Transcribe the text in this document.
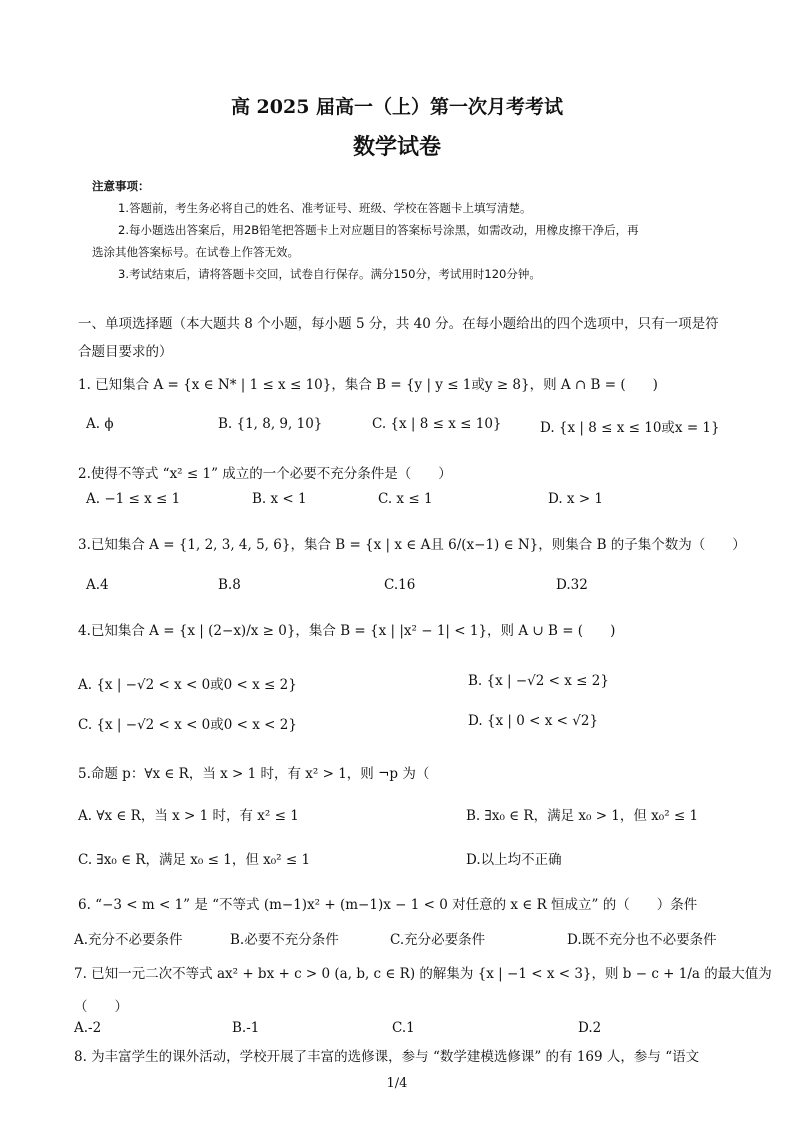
高 2025 届高一（上）第一次月考考试
数学试卷
注意事项：
1.答题前，考生务必将自己的姓名、准考证号、班级、学校在答题卡上填写清楚。
2.每小题选出答案后，用2B铅笔把答题卡上对应题目的答案标号涂黑，如需改动，用橡皮擦干净后，再
选涂其他答案标号。在试卷上作答无效。
3.考试结束后，请将答题卡交回，试卷自行保存。满分150分，考试用时120分钟。
一、单项选择题（本大题共 8 个小题，每小题 5 分，共 40 分。在每小题给出的四个选项中，只有一项是符
合题目要求的）
1. 已知集合 A = {x ∈ N* | 1 ≤ x ≤ 10}，集合 B = {y | y ≤ 1或y ≥ 8}，则 A ∩ B = (　　)
A. ϕ	B. {1, 8, 9, 10}	C. {x | 8 ≤ x ≤ 10}	D. {x | 8 ≤ x ≤ 10或x = 1}
2.使得不等式 “x² ≤ 1” 成立的一个必要不充分条件是（　　）
A. −1 ≤ x ≤ 1	B. x < 1	C. x ≤ 1	D. x > 1
3.已知集合 A = {1, 2, 3, 4, 5, 6}，集合 B = {x | x ∈ A且 6/(x−1) ∈ N}，则集合 B 的子集个数为（　　）
A.4	B.8	C.16	D.32
4.已知集合 A = {x | (2−x)/x ≥ 0}，集合 B = {x | |x² − 1| < 1}，则 A ∪ B = (　　)
A. {x | −√2 < x < 0或0 < x ≤ 2}	B. {x | −√2 < x ≤ 2}
C. {x | −√2 < x < 0或0 < x < 2}	D. {x | 0 < x < √2}
5.命题 p：∀x ∈ R，当 x > 1 时，有 x² > 1，则 ¬p 为（
A. ∀x ∈ R，当 x > 1 时，有 x² ≤ 1	B. ∃x₀ ∈ R，满足 x₀ > 1，但 x₀² ≤ 1
C. ∃x₀ ∈ R，满足 x₀ ≤ 1，但 x₀² ≤ 1	D.以上均不正确
6. “−3 < m < 1” 是 “不等式 (m−1)x² + (m−1)x − 1 < 0 对任意的 x ∈ R 恒成立” 的（　　）条件
A.充分不必要条件	B.必要不充分条件	C.充分必要条件	D.既不充分也不必要条件
7. 已知一元二次不等式 ax² + bx + c > 0 (a, b, c ∈ R) 的解集为 {x | −1 < x < 3}，则 b − c + 1/a 的最大值为
（　　）
A.-2	B.-1	C.1	D.2
8. 为丰富学生的课外活动，学校开展了丰富的选修课，参与 “数学建模选修课” 的有 169 人，参与 “语文
1/4
